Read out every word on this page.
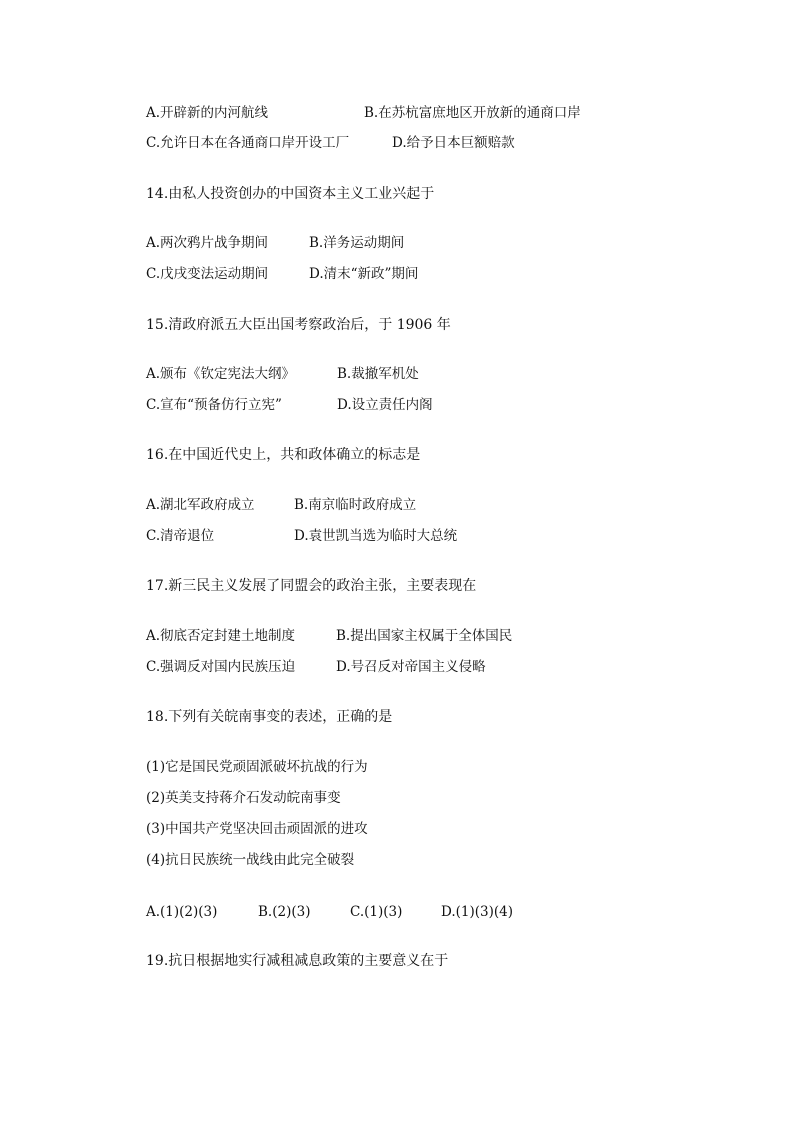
A.开辟新的内河航线	B.在苏杭富庶地区开放新的通商口岸
C.允许日本在各通商口岸开设工厂	D.给予日本巨额赔款
14.由私人投资创办的中国资本主义工业兴起于
A.两次鸦片战争期间	B.洋务运动期间
C.戊戌变法运动期间	D.清末“新政”期间
15.清政府派五大臣出国考察政治后，于 1906 年
A.颁布《钦定宪法大纲》	B.裁撤军机处
C.宣布“预备仿行立宪”	D.设立责任内阁
16.在中国近代史上，共和政体确立的标志是
A.湖北军政府成立	B.南京临时政府成立
C.清帝退位	D.袁世凯当选为临时大总统
17.新三民主义发展了同盟会的政治主张，主要表现在
A.彻底否定封建土地制度	B.提出国家主权属于全体国民
C.强调反对国内民族压迫	D.号召反对帝国主义侵略
18.下列有关皖南事变的表述，正确的是
(1)它是国民党顽固派破坏抗战的行为
(2)英美支持蒋介石发动皖南事变
(3)中国共产党坚决回击顽固派的进攻
(4)抗日民族统一战线由此完全破裂
A.(1)(2)(3)	B.(2)(3)	C.(1)(3)	D.(1)(3)(4)
19.抗日根据地实行减租减息政策的主要意义在于
